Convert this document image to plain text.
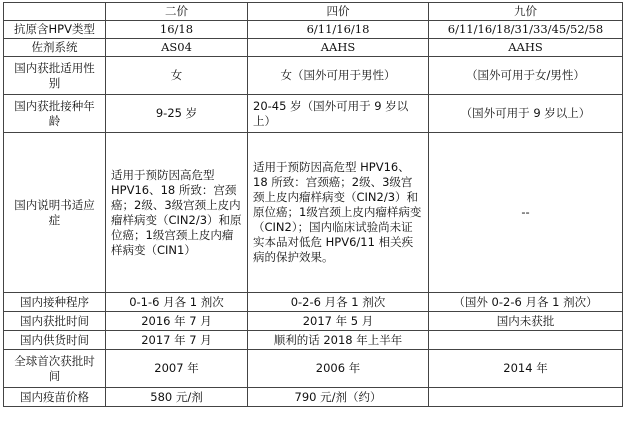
	二价	四价	九价
抗原含HPV类型	16/18	6/11/16/18	6/11/16/18/31/33/45/52/58
佐剂系统	AS04	AAHS	AAHS
国内获批适用性别	女	女（国外可用于男性）	（国外可用于女/男性）
国内获批接种年龄	9-25 岁	20-45 岁（国外可用于 9 岁以上）	（国外可用于 9 岁以上）
国内说明书适应症	适用于预防因高危型 HPV16、18 所致：宫颈癌；2级、3级宫颈上皮内瘤样病变（CIN2/3）和原位癌；1级宫颈上皮内瘤样病变（CIN1）	适用于预防因高危型 HPV16、18 所致：宫颈癌；2级、3级宫颈上皮内瘤样病变（CIN2/3）和原位癌；1级宫颈上皮内瘤样病变（CIN2）；国内临床试验尚未证实本品对低危 HPV6/11 相关疾病的保护效果。	--
国内接种程序	0-1-6 月各 1 剂次	0-2-6 月各 1 剂次	（国外 0-2-6 月各 1 剂次）
国内获批时间	2016 年 7 月	2017 年 5 月	国内未获批
国内供货时间	2017 年 7 月	顺利的话 2018 年上半年	
全球首次获批时间	2007 年	2006 年	2014 年
国内疫苗价格	580 元/剂	790 元/剂（约）	
